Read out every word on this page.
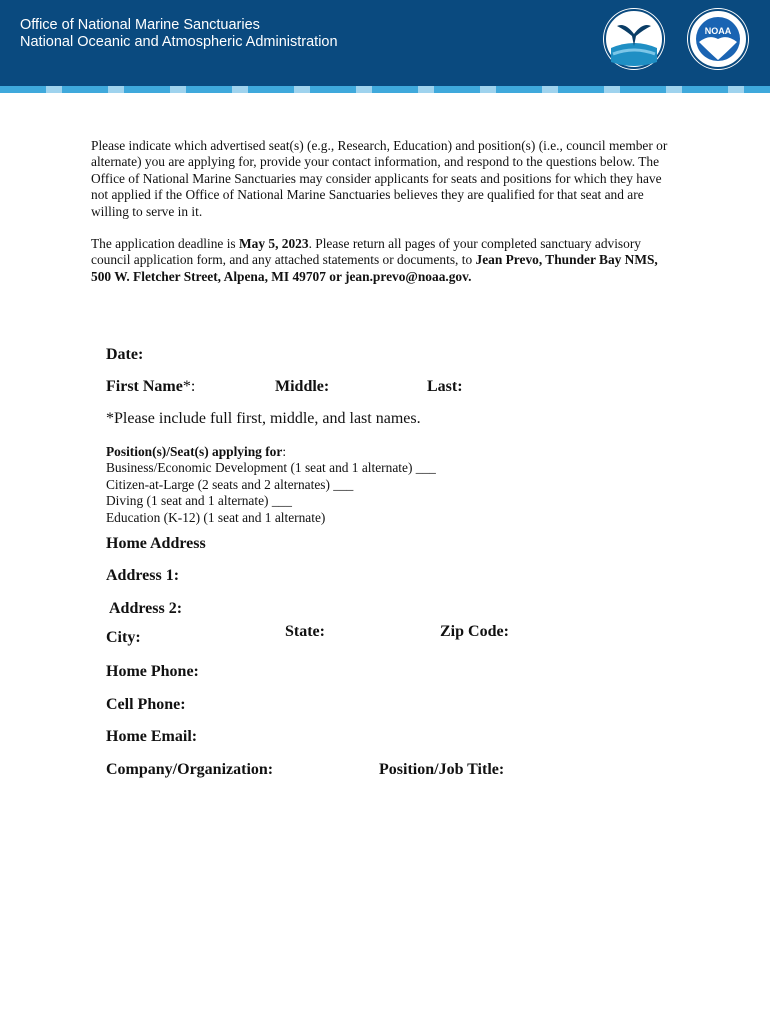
Office of National Marine Sanctuaries
National Oceanic and Atmospheric Administration
NOAA

Please indicate which advertised seat(s) (e.g., Research, Education) and position(s) (i.e., council member or alternate) you are applying for, provide your contact information, and respond to the questions below. The Office of National Marine Sanctuaries may consider applicants for seats and positions for which they have not applied if the Office of National Marine Sanctuaries believes they are qualified for that seat and are willing to serve in it.

The application deadline is May 5, 2023. Please return all pages of your completed sanctuary advisory council application form, and any attached statements or documents, to Jean Prevo, Thunder Bay NMS, 500 W. Fletcher Street, Alpena, MI 49707 or jean.prevo@noaa.gov.

Date:
First Name*:	Middle:	Last:
*Please include full first, middle, and last names.
Position(s)/Seat(s) applying for:
Business/Economic Development (1 seat and 1 alternate) ___
Citizen-at-Large (2 seats and 2 alternates) ___
Diving (1 seat and 1 alternate) ___
Education (K-12) (1 seat and 1 alternate)
Home Address
Address 1:
Address 2:
City:	State:	Zip Code:
Home Phone:
Cell Phone:
Home Email:
Company/Organization:	Position/Job Title:
